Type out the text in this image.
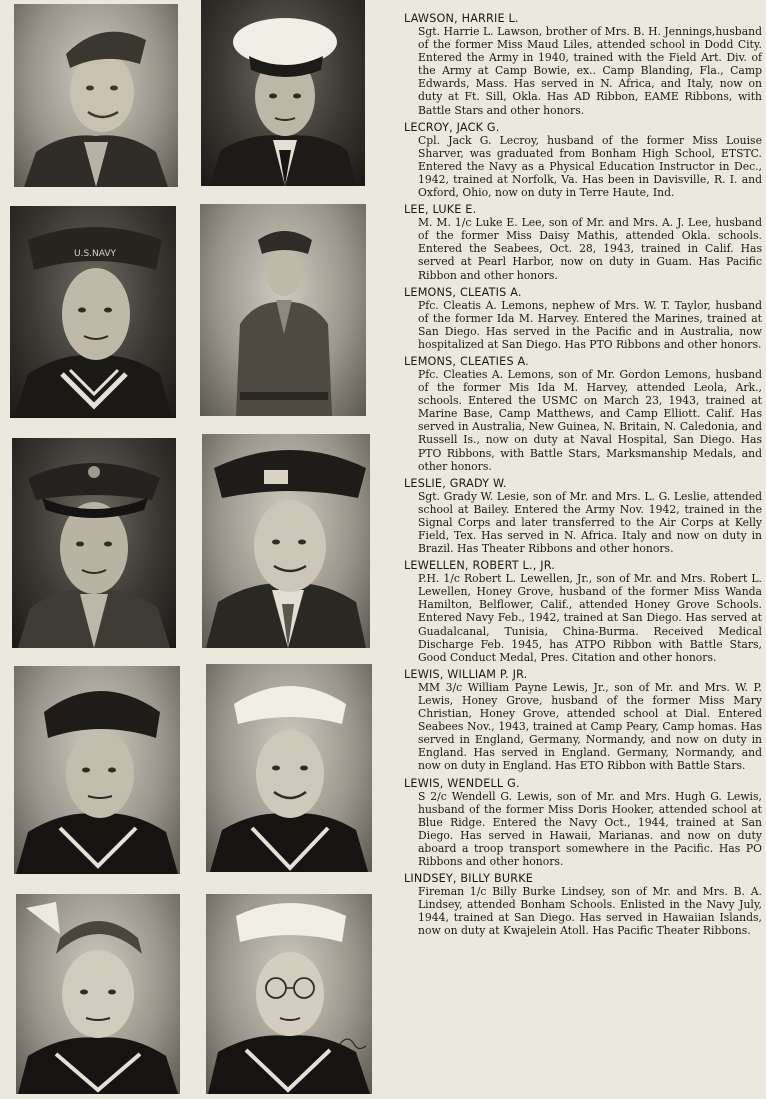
U.S.NAVY
LAWSON, HARRIE L.
Sgt. Harrie L. Lawson, brother of Mrs. B. H. Jennings,husband of the former Miss Maud Liles, attended school in Dodd City. Entered the Army in 1940, trained with the Field Art. Div. of the Army at Camp Bowie, ex.. Camp Blanding, Fla., Camp Edwards, Mass. Has served in N. Africa, and Italy, now on duty at Ft. Sill, Okla. Has AD Ribbon, EAME Ribbons, with Battle Stars and other honors.
LECROY, JACK G.
Cpl. Jack G. Lecroy, husband of the former Miss Louise Sharver, was graduated from Bonham High School, ETSTC. Entered the Navy as a Physical Education Instructor in Dec., 1942, trained at Norfolk, Va. Has been in Davisville, R. I. and Oxford, Ohio, now on duty in Terre Haute, Ind.
LEE, LUKE E.
M. M. 1/c Luke E. Lee, son of Mr. and Mrs. A. J. Lee, husband of the former Miss Daisy Mathis, attended Okla. schools. Entered the Seabees, Oct. 28, 1943, trained in Calif. Has served at Pearl Harbor, now on duty in Guam. Has Pacific Ribbon and other honors.
LEMONS, CLEATIS A.
Pfc. Cleatis A. Lemons, nephew of Mrs. W. T. Taylor, husband of the former Ida M. Harvey. Entered the Marines, trained at San Diego. Has served in the Pacific and in Australia, now hospitalized at San Diego. Has PTO Ribbons and other honors.
LEMONS, CLEATIES A.
Pfc. Cleaties A. Lemons, son of Mr. Gordon Lemons, husband of the former Mis Ida M. Harvey, attended Leola, Ark., schools. Entered the USMC on March 23, 1943, trained at Marine Base, Camp Matthews, and Camp Elliott. Calif. Has served in Australia, New Guinea, N. Britain, N. Caledonia, and Russell Is., now on duty at Naval Hospital, San Diego. Has PTO Ribbons, with Battle Stars, Marksmanship Medals, and other honors.
LESLIE, GRADY W.
Sgt. Grady W. Lesie, son of Mr. and Mrs. L. G. Leslie, attended school at Bailey. Entered the Army Nov. 1942, trained in the Signal Corps and later transferred to the Air Corps at Kelly Field, Tex. Has served in N. Africa. Italy and now on duty in Brazil. Has Theater Ribbons and other honors.
LEWELLEN, ROBERT L., JR.
P.H. 1/c Robert L. Lewellen, Jr., son of Mr. and Mrs. Robert L. Lewellen, Honey Grove, husband of the former Miss Wanda Hamilton, Belflower, Calif., attended Honey Grove Schools. Entered Navy Feb., 1942, trained at San Diego. Has served at Guadalcanal, Tunisia, China-Burma. Received Medical Discharge Feb. 1945, has ATPO Ribbon with Battle Stars, Good Conduct Medal, Pres. Citation and other honors.
LEWIS, WILLIAM P. JR.
MM 3/c William Payne Lewis, Jr., son of Mr. and Mrs. W. P. Lewis, Honey Grove, husband of the former Miss Mary Christian, Honey Grove, attended school at Dial. Entered Seabees Nov., 1943, trained at Camp Peary, Camp homas. Has served in England, Germany, Normandy, and now on duty in England. Has served in England. Germany, Normandy, and now on duty in England. Has ETO Ribbon with Battle Stars.
LEWIS, WENDELL G.
S 2/c Wendell G. Lewis, son of Mr. and Mrs. Hugh G. Lewis, husband of the former Miss Doris Hooker, attended school at Blue Ridge. Entered the Navy Oct., 1944, trained at San Diego. Has served in Hawaii, Marianas. and now on duty aboard a troop transport somewhere in the Pacific. Has PO Ribbons and other honors.
LINDSEY, BILLY BURKE
Fireman 1/c Billy Burke Lindsey, son of Mr. and Mrs. B. A. Lindsey, attended Bonham Schools. Enlisted in the Navy July, 1944, trained at San Diego. Has served in Hawaiian Islands, now on duty at Kwajelein Atoll. Has Pacific Theater Ribbons.
